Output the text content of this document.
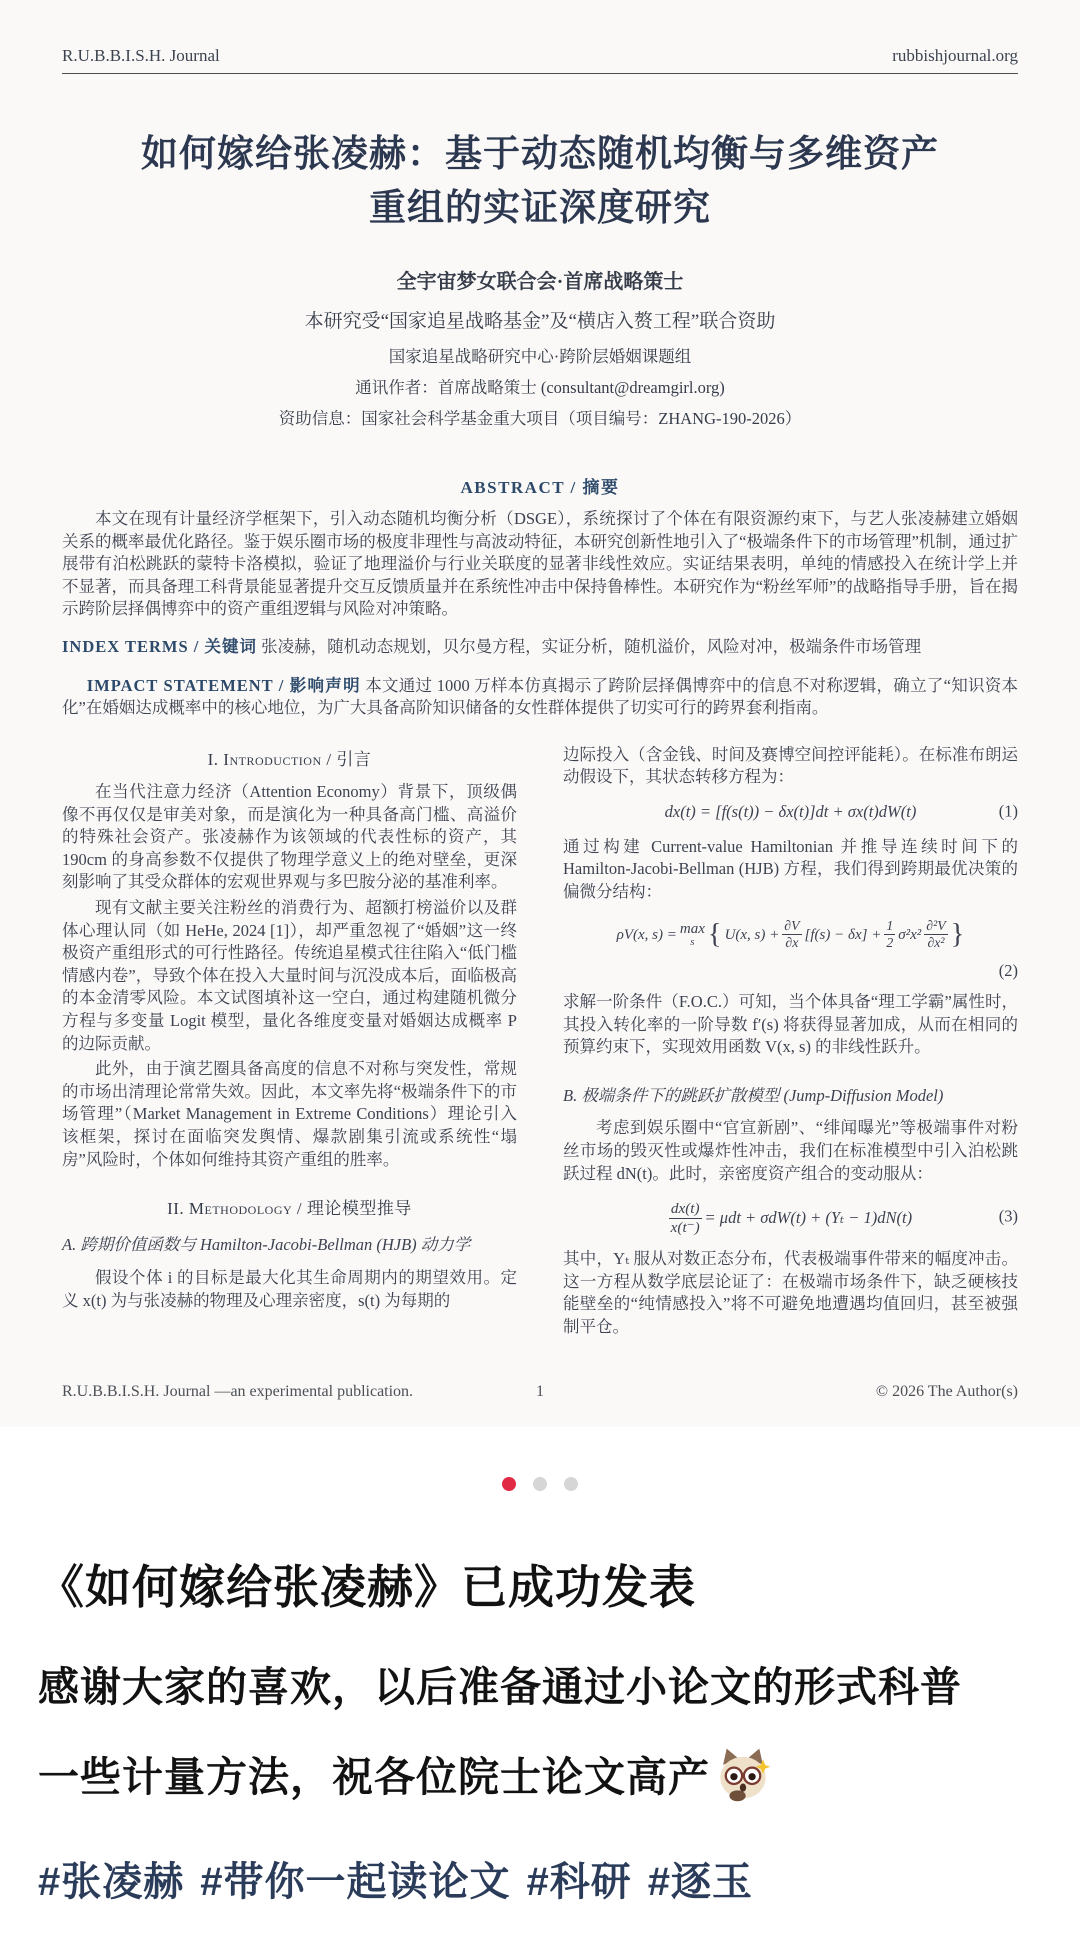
R.U.B.B.I.S.H. Journal	rubbishjournal.org
如何嫁给张凌赫：基于动态随机均衡与多维资产
重组的实证深度研究

全宇宙梦女联合会·首席战略策士

本研究受“国家追星战略基金”及“横店入赘工程”联合资助

国家追星战略研究中心·跨阶层婚姻课题组

通讯作者：首席战略策士 (consultant@dreamgirl.org)

资助信息：国家社会科学基金重大项目（项目编号：ZHANG-190-2026）

ABSTRACT / 摘要

本文在现有计量经济学框架下，引入动态随机均衡分析（DSGE），系统探讨了个体在有限资源约束下，与艺人张凌赫建立婚姻关系的概率最优化路径。鉴于娱乐圈市场的极度非理性与高波动特征，本研究创新性地引入了“极端条件下的市场管理”机制，通过扩展带有泊松跳跃的蒙特卡洛模拟，验证了地理溢价与行业关联度的显著非线性效应。实证结果表明，单纯的情感投入在统计学上并不显著，而具备理工科背景能显著提升交互反馈质量并在系统性冲击中保持鲁棒性。本研究作为“粉丝军师”的战略指导手册，旨在揭示跨阶层择偶博弈中的资产重组逻辑与风险对冲策略。

INDEX TERMS / 关键词 张凌赫，随机动态规划，贝尔曼方程，实证分析，随机溢价，风险对冲，极端条件市场管理

IMPACT STATEMENT / 影响声明 本文通过 1000 万样本仿真揭示了跨阶层择偶博弈中的信息不对称逻辑，确立了“知识资本化”在婚姻达成概率中的核心地位，为广大具备高阶知识储备的女性群体提供了切实可行的跨界套利指南。

I. Introduction / 引言

在当代注意力经济（Attention Economy）背景下，顶级偶像不再仅仅是审美对象，而是演化为一种具备高门槛、高溢价的特殊社会资产。张凌赫作为该领域的代表性标的资产，其 190cm 的身高参数不仅提供了物理学意义上的绝对壁垒，更深刻影响了其受众群体的宏观世界观与多巴胺分泌的基准利率。

现有文献主要关注粉丝的消费行为、超额打榜溢价以及群体心理认同（如 HeHe, 2024 [1]），却严重忽视了“婚姻”这一终极资产重组形式的可行性路径。传统追星模式往往陷入“低门槛情感内卷”，导致个体在投入大量时间与沉没成本后，面临极高的本金清零风险。本文试图填补这一空白，通过构建随机微分方程与多变量 Logit 模型，量化各维度变量对婚姻达成概率 P 的边际贡献。

此外，由于演艺圈具备高度的信息不对称与突发性，常规的市场出清理论常常失效。因此，本文率先将“极端条件下的市场管理”（Market Management in Extreme Conditions）理论引入该框架，探讨在面临突发舆情、爆款剧集引流或系统性“塌房”风险时，个体如何维持其资产重组的胜率。

II. Methodology / 理论模型推导
A. 跨期价值函数与 Hamilton-Jacobi-Bellman (HJB) 动力学

假设个体 i 的目标是最大化其生命周期内的期望效用。定义 x(t) 为与张凌赫的物理及心理亲密度，s(t) 为每期的

边际投入（含金钱、时间及赛博空间控评能耗）。在标准布朗运动假设下，其状态转移方程为：

dx(t) = [f(s(t)) − δx(t)]dt + σx(t)dW(t)	(1)

通过构建 Current-value Hamiltonian 并推导连续时间下的 Hamilton-Jacobi-Bellman (HJB) 方程，我们得到跨期最优决策的偏微分结构：

ρV(x, s) = max
s { U(x, $s) + \frac{\partial V}{\partial x} [f(s) - \delta x] + \frac{1}{2} \sigma^2x^2 \frac{\text{∂²V}}{\text{∂x²}}$ }
(2)

求解一阶条件（F.O.C.）可知，当个体具备“理工学霸”属性时，其投入转化率的一阶导数 f′(s) 将获得显著加成，从而在相同的预算约束下，实现效用函数 V(x, s) 的非线性跃升。

B. 极端条件下的跳跃扩散模型 (Jump-Diffusion Model)

考虑到娱乐圈中“官宣新剧”、“绯闻曝光”等极端事件对粉丝市场的毁灭性或爆炸性冲击，我们在标准模型中引入泊松跳跃过程 dN(t)。此时，亲密度资产组合的变动服从：

$\frac{dx(t)}{x(t^-)} = \mu dt + \sigma dW(t) + (Y_t - 1)dN(t)$	(3)

其中，Yₜ 服从对数正态分布，代表极端事件带来的幅度冲击。这一方程从数学底层论证了：在极端市场条件下，缺乏硬核技能壁垒的“纯情感投入”将不可避免地遭遇均值回归，甚至被强制平仓。

R.U.B.B.I.S.H. Journal —an experimental publication.	1	© 2026 The Author(s)
《如何嫁给张凌赫》已成功发表

感谢大家的喜欢，以后准备通过小论文的形式科普

一些计量方法，祝各位院士论文高产

#张凌赫 #带你一起读论文 #科研 #逐玉
